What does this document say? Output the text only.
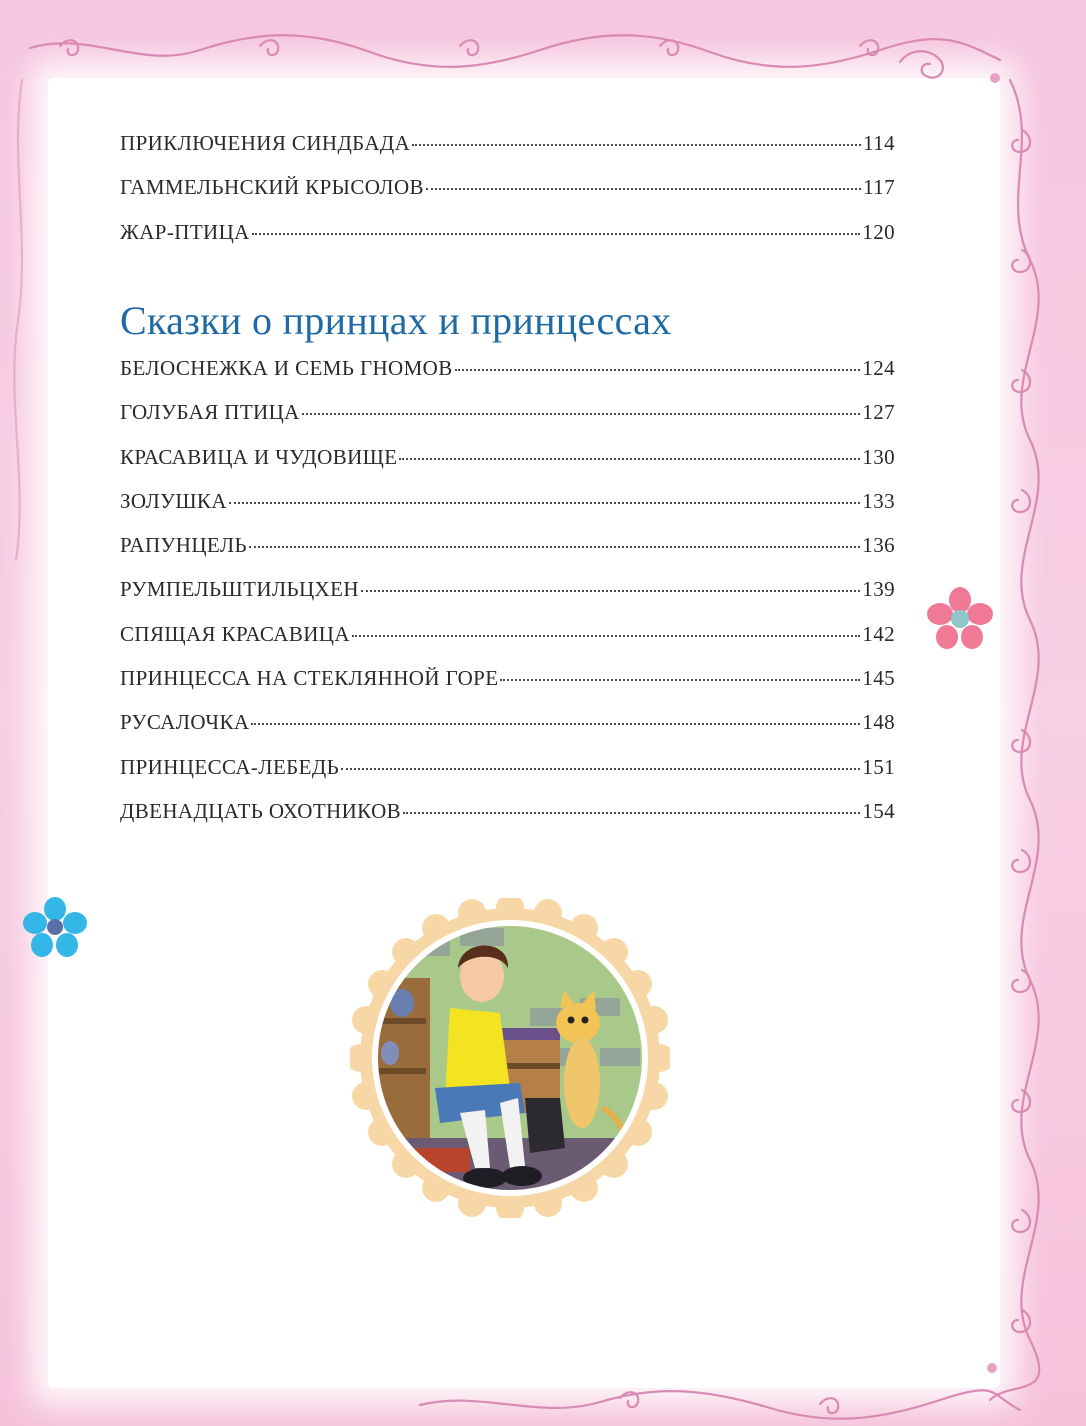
ПРИКЛЮЧЕНИЯ СИНДБАДА	114
ГАММЕЛЬНСКИЙ КРЫСОЛОВ	117
ЖАР-ПТИЦА	120
Сказки о принцах и принцессах
БЕЛОСНЕЖКА И СЕМЬ ГНОМОВ	124
ГОЛУБАЯ ПТИЦА	127
КРАСАВИЦА И ЧУДОВИЩЕ	130
ЗОЛУШКА	133
РАПУНЦЕЛЬ	136
РУМПЕЛЬШТИЛЬЦХЕН	139
СПЯЩАЯ КРАСАВИЦА	142
ПРИНЦЕССА НА СТЕКЛЯННОЙ ГОРЕ	145
РУСАЛОЧКА	148
ПРИНЦЕССА-ЛЕБЕДЬ	151
ДВЕНАДЦАТЬ ОХОТНИКОВ	154
